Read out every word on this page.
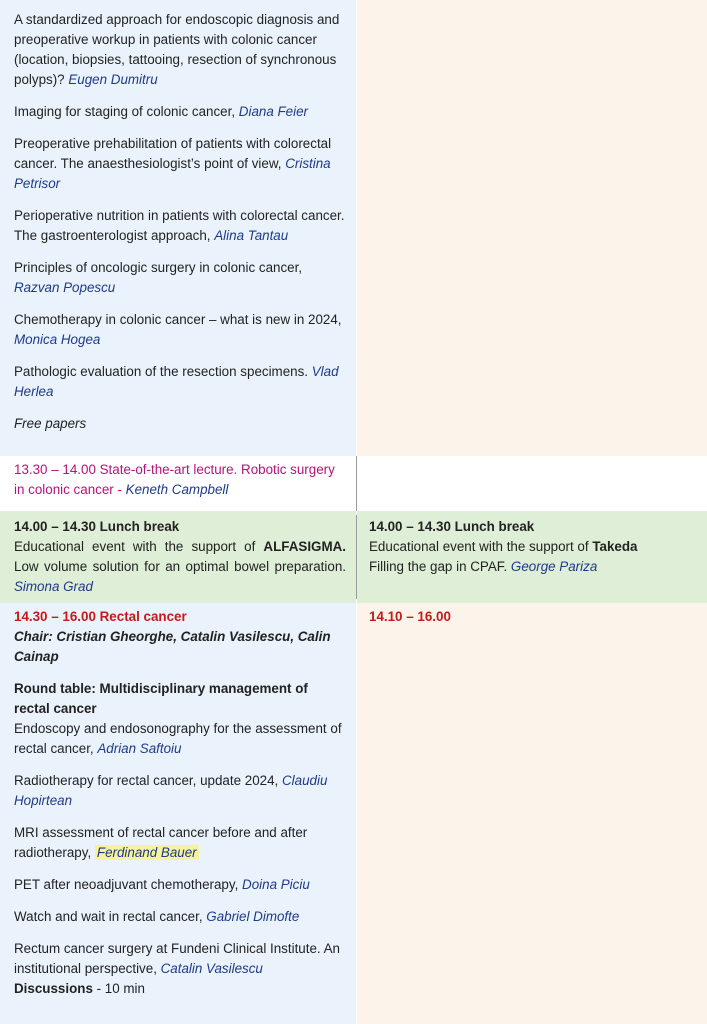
A standardized approach for endoscopic diagnosis and preoperative workup in patients with colonic cancer (location, biopsies, tattooing, resection of synchronous polyps)? Eugen Dumitru

Imaging for staging of colonic cancer, Diana Feier

Preoperative prehabilitation of patients with colorectal cancer. The anaesthesiologist’s point of view, Cristina Petrisor

Perioperative nutrition in patients with colorectal cancer. The gastroenterologist approach, Alina Tantau

Principles of oncologic surgery in colonic cancer, Razvan Popescu

Chemotherapy in colonic cancer – what is new in 2024, Monica Hogea

Pathologic evaluation of the resection specimens. Vlad Herlea

Free papers

13.30 – 14.00 State-of-the-art lecture. Robotic surgery in colonic cancer - Keneth Campbell

14.00 – 14.30 Lunch break

Educational event with the support of ALFASIGMA. Low volume solution for an optimal bowel preparation. Simona Grad

14.00 – 14.30 Lunch break

Educational event with the support of Takeda

Filling the gap in CPAF. George Pariza

14.30 – 16.00 Rectal cancer

Chair: Cristian Gheorghe, Catalin Vasilescu, Calin Cainap

Round table: Multidisciplinary management of rectal cancer

Endoscopy and endosonography for the assessment of rectal cancer, Adrian Saftoiu

Radiotherapy for rectal cancer, update 2024, Claudiu Hopirtean

MRI assessment of rectal cancer before and after radiotherapy, Ferdinand Bauer

PET after neoadjuvant chemotherapy, Doina Piciu

Watch and wait in rectal cancer, Gabriel Dimofte

Rectum cancer surgery at Fundeni Clinical Institute. An institutional perspective, Catalin Vasilescu

Discussions - 10 min

14.10 – 16.00
